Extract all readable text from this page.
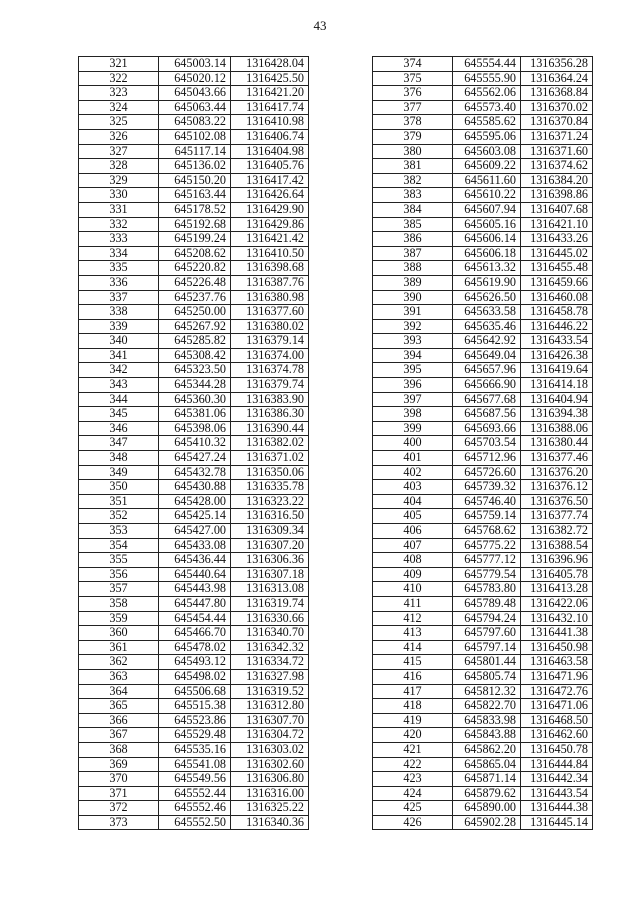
43
321	645003.14	1316428.04
322	645020.12	1316425.50
323	645043.66	1316421.20
324	645063.44	1316417.74
325	645083.22	1316410.98
326	645102.08	1316406.74
327	645117.14	1316404.98
328	645136.02	1316405.76
329	645150.20	1316417.42
330	645163.44	1316426.64
331	645178.52	1316429.90
332	645192.68	1316429.86
333	645199.24	1316421.42
334	645208.62	1316410.50
335	645220.82	1316398.68
336	645226.48	1316387.76
337	645237.76	1316380.98
338	645250.00	1316377.60
339	645267.92	1316380.02
340	645285.82	1316379.14
341	645308.42	1316374.00
342	645323.50	1316374.78
343	645344.28	1316379.74
344	645360.30	1316383.90
345	645381.06	1316386.30
346	645398.06	1316390.44
347	645410.32	1316382.02
348	645427.24	1316371.02
349	645432.78	1316350.06
350	645430.88	1316335.78
351	645428.00	1316323.22
352	645425.14	1316316.50
353	645427.00	1316309.34
354	645433.08	1316307.20
355	645436.44	1316306.36
356	645440.64	1316307.18
357	645443.98	1316313.08
358	645447.80	1316319.74
359	645454.44	1316330.66
360	645466.70	1316340.70
361	645478.02	1316342.32
362	645493.12	1316334.72
363	645498.02	1316327.98
364	645506.68	1316319.52
365	645515.38	1316312.80
366	645523.86	1316307.70
367	645529.48	1316304.72
368	645535.16	1316303.02
369	645541.08	1316302.60
370	645549.56	1316306.80
371	645552.44	1316316.00
372	645552.46	1316325.22
373	645552.50	1316340.36
374	645554.44	1316356.28
375	645555.90	1316364.24
376	645562.06	1316368.84
377	645573.40	1316370.02
378	645585.62	1316370.84
379	645595.06	1316371.24
380	645603.08	1316371.60
381	645609.22	1316374.62
382	645611.60	1316384.20
383	645610.22	1316398.86
384	645607.94	1316407.68
385	645605.16	1316421.10
386	645606.14	1316433.26
387	645606.18	1316445.02
388	645613.32	1316455.48
389	645619.90	1316459.66
390	645626.50	1316460.08
391	645633.58	1316458.78
392	645635.46	1316446.22
393	645642.92	1316433.54
394	645649.04	1316426.38
395	645657.96	1316419.64
396	645666.90	1316414.18
397	645677.68	1316404.94
398	645687.56	1316394.38
399	645693.66	1316388.06
400	645703.54	1316380.44
401	645712.96	1316377.46
402	645726.60	1316376.20
403	645739.32	1316376.12
404	645746.40	1316376.50
405	645759.14	1316377.74
406	645768.62	1316382.72
407	645775.22	1316388.54
408	645777.12	1316396.96
409	645779.54	1316405.78
410	645783.80	1316413.28
411	645789.48	1316422.06
412	645794.24	1316432.10
413	645797.60	1316441.38
414	645797.14	1316450.98
415	645801.44	1316463.58
416	645805.74	1316471.96
417	645812.32	1316472.76
418	645822.70	1316471.06
419	645833.98	1316468.50
420	645843.88	1316462.60
421	645862.20	1316450.78
422	645865.04	1316444.84
423	645871.14	1316442.34
424	645879.62	1316443.54
425	645890.00	1316444.38
426	645902.28	1316445.14
